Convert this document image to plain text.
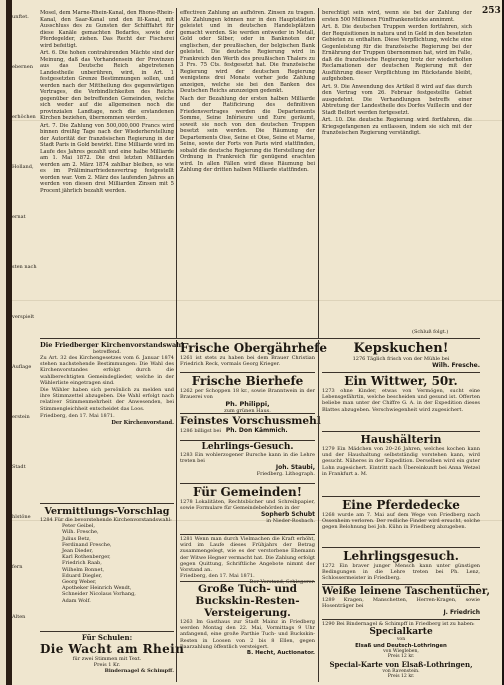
253
unftet.
ebernen
erhöchen
Holland,
ernat
sten nach
verspielt
Auflage
erstein
Stadt
hlstöne
fern
Alten

Mosel, dem Marne-Rhein-Kanal, den Rhone-Rhein-Kanal, den Saar-Kanal und den Ill-Kanal, mit Ausschluss des zu Gunsten der Schifffahrt für diese Kanäle gemachten Bedarfes, sowie der Pferdegelder, ziehen. Das Recht der Fischerei wird befeitigt.

Art. 6. Die hohen contrahirenden Mächte sind der Meinung, daß das Vorhandensein der Provinzen aus das Deutsche Reich abgetretenen Landestheile unberühren, wird, in Art. 1 festgesetzten Grenze Bestimmungen sollen, und werden nach der Mittheilung des gegenwärtigen Vertrages, die Verbindlichkeiten des Reichs gegenüber den betreffenden Gemeinden, welche sich weder auf die allgemeinen noch die provinzialen Landtage, noch die erstandenen Kirchen beziehen, übernommen werden.

Art. 7. Die Zahlung von 500,000,000 Francs wird binnen dreißig Tage nach der Wiederherstellung der Autorität der französischen Regierung in der Stadt Paris in Gold bewirkt. Eine Milliarde wird im Laufe des Jahres gezahlt und eine halbe Milliarde am 1. Mai 1872. Die drei letzten Milliarden werden am 2. März 1874 zahlbar bleiben, so wie es im Präliminarfriedensvertrag festgestellt worden war. Vom 2. März des laufenden Jahres an werden von diesen drei Milliarden Zinsen mit 5 Procent jährlich bezahlt werden.

effectiven Zahlung an aufhören. Zinsen zu tragen. Alle Zahlungen können nur in den Hauptstädten geleistet und in deutschen Handelsplätzen gemacht werden. Sie werden entweder in Metall, Gold oder Silber, oder in Banknoten der englischen, der preußischen, der belgischen Bank geleistet. Die deutsche Regierung wird in Frankreich den Werth des preußischen Thalers zu 3 Frs. 75 Cts. festgesetzt hat. Die französische Regierung wird der deutschen Regierung wenigstens drei Monate vorher jede Zahlung anzeigen, welche sie bei den Banken des Deutschen Reichs anzuzeigen gedenkt.

Nach der Bezahlung der ersten halben Milliarde und der Ratificirung des definitiven Friedensvertrages werden die Departements Somme, Seine Inférieure und Eure geräumt, soweit sie noch von den deutschen Truppen besetzt sein werden. Die Räumung der Departements Oise, Seine et Oise, Seine et Marne, Seine, sowie der Forts von Paris wird stattfinden, sobald die deutsche Regierung die Herstellung der Ordnung in Frankreich für genügend erachten wird. In allen Fällen wird diese Räumung bei Zahlung der dritten halben Milliarde stattfinden.

berechtigt sein wird, wenn sie bei der Zahlung der ersten 500 Millionen Fünffrankenstücke annimmt.

Art. 8. Die deutschen Truppen werden fortfahren, sich der Requisitionen in natura und in Geld in den besetzten Gebieten zu enthalten. Diese Verpflichtung, welche eine Gegenleistung für die französische Regierung bei der Ernährung der Truppen übernommen hat, wird im Falle, daß die französische Regierung trotz der wiederholten Reclamationen der deutschen Regierung mit der Ausführung dieser Verpflichtung im Rückstande bleibt, aufgehoben.

Art. 9. Die Anwendung des Artikel 8 wird auf das durch den Vertrag vom 26. Februar festgestellte Gebiet ausgedehnt. Die Verhandlungen betreffs einer Abtretung der Landestheile des Dorfes Vuillecin und der Stadt Belfort werden fortgesetzt.

Art. 10. Die deutsche Regierung wird fortfahren, die Kriegsgefangenen zu entlassen, indem sie sich mit der französischen Regierung verständigt.

(Schluß folgt.)
Die Friedberger Kirchenvorstandswahl
betreffend.

Zu Art. 32 des Kirchengesetzes vom 6. Januar 1874 stehen nachstehende Bestimmungen: Die Wahl des Kirchenvorstandes erfolgt durch die wahlberechtigten Gemeindeglieder, welche in der Wählerliste eingetragen sind.

Die Wähler haben sich persönlich zu melden und ihre Stimmzettel abzugeben. Die Wahl erfolgt nach relativer Stimmenmehrheit der Anwesenden, bei Stimmengleichheit entscheidet das Loos.

Friedberg, den 17. Mai 1871.

Der Kirchenvorstand.
Vermittlungs-Vorschlag
1284 Für die bevorstehende Kirchenvorstandswahl:
Peter Geibel,
Wilh. Fresche,
Julius Betz,
Ferdinand Fresche,
Jean Dieder,
Karl Rothenberger,
Friedrich Raab,
Wilhelm Bonnet,
Eduard Diegler,
Georg Weber,
Apotheker Heinrich Wendt,
Schneider Nicolaus Vorhang,
Adam Wolf.
Für Schulen:
Die Wacht am Rhein
für zwei Stimmen mit Text.
Preis 1 Kr.
Bindernagel & Schimpff.
Frische Obergährhefe
1261 ist stets zu haben bei dem Brauer Christian Friedrich Reck, vormals Georg Krieger.
Frische Bierhefe
1262 per Schoppen 18 kr., sowie Branntwein in der Brauerei von
Ph. Philippi,
zum grünen Haus.
Feinstes Vorschussmehl
1286 billigst bei Ph. Don Kämmich.
Lehrlings-Gesuch.
1283 Ein wohlerzogener Bursche kann in die Lehre treten bei
Joh. Staubi,
Friedberg. Lithograph.
Für Gemeinden!
1278 Lokalitäten, Rechtsbücher und Schreibpapier, sowie Formulare für Gemeindebehörden in der
Sopherb Schubt
in Nieder-Rosbach.
1281 Wenn man durch Vielmachen die Kraft erhöht, wird im Laufe dieses Frühjahrs der Betrag zusammengelegt, wie es der verstorbene Ehemann der Witwe Hegner vermacht hat. Die Zahlung erfolgt gegen Quittung, Schriftliche Angebote nimmt der Vorstand an.
Friedberg, den 17. Mai 1871.
Der Vorstand, Schlegerer.
Große Tuch- und Buckskin-Resten-Versteigerung.
1263 Im Gasthaus zur Stadt Mainz in Friedberg werden Montag den 22. Mai, Vormittags 9 Uhr anfangend, eine große Parthie Tuch- und Buckskin-Resten in Loosen von 2 bis 8 Ellen, gegen Baarzahlung öffentlich versteigert.
B. Hecht, Auctionator.
Kepskuchen!
1276 Täglich frisch von der Mühle bei
Wilh. Fresche.
Ein Wittwer, 50r.
1273 ohne Kinder, etwas von Vermögen, sucht eine Lebensgefährtin, welche bescheiden und gesund ist. Offerten beliebe man unter der Chiffre G. A. in der Expedition dieses Blattes abzugeben. Verschwiegenheit wird zugesichert.
Haushälterin
1279 Ein Mädchen von 20–26 Jahren, welches kochen kann und der Haushaltung selbstständig vorstehen kann, wird gesucht. Näheres in der Expedition. Derselben wird ein guter Lohn zugesichert. Eintritt nach Übereinkunft bei Anna Wetzel in Frankfurt a. M.
Eine Pferdedecke
1268 wurde am 7. Mai auf dem Wege von Friedberg nach Ossenheim verloren. Der redliche Finder wird ersucht, solche gegen Belohnung bei Joh. Kühn in Friedberg abzugeben.
Lehrlingsgesuch.
1272 Ein braver junger Mensch kann unter günstigen Bedingungen in die Lehre treten bei Ph. Lenz, Schlossermeister in Friedberg.
Weiße leinene Taschentücher,
1289 Kragen, Manschetten, Herren-Kragen, sowie Hosenträger bei
J. Friedrich
1290 Bei Bindernagel & Schimpff in Friedberg ist zu haben:
Specialkarte
von
Elsaß und Deutsch-Lothringen
von Wiegleben,
Preis 12 kr.
Special-Karte von Elsaß-Lothringen,
von Ravenstein.
Preis 12 kr.
